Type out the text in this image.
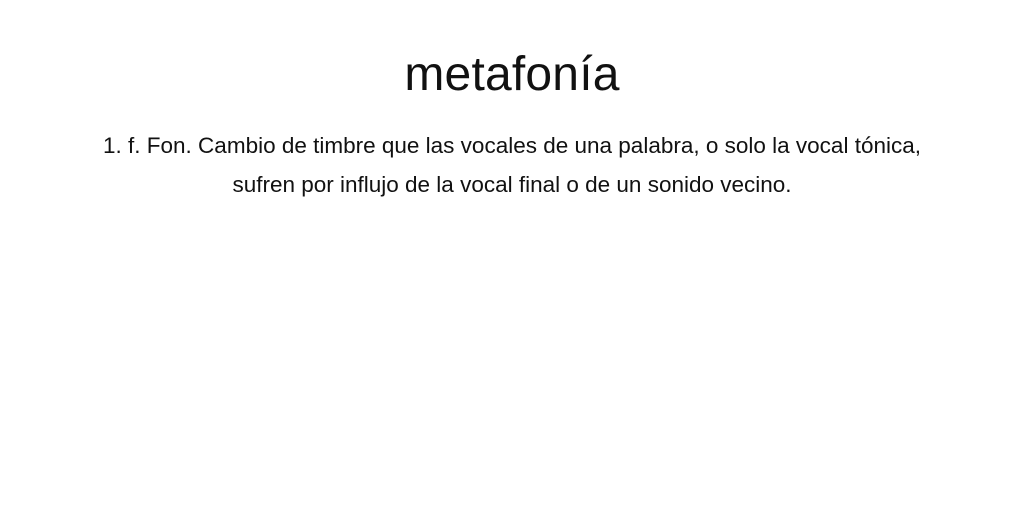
metafonía

1. f. Fon. Cambio de timbre que las vocales de una palabra, o solo la vocal tónica, sufren por influjo de la vocal final o de un sonido vecino.
